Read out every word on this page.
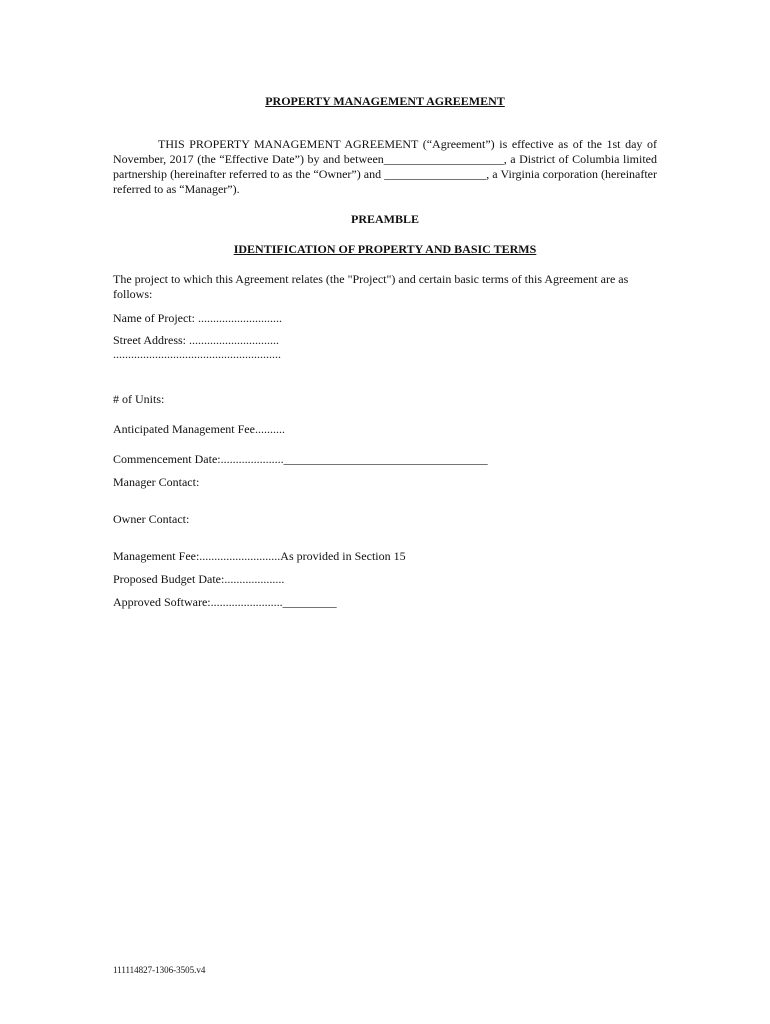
PROPERTY MANAGEMENT AGREEMENT
THIS PROPERTY MANAGEMENT AGREEMENT (“Agreement”) is effective as of the 1st day of November, 2017 (the “Effective Date”) by and between____________________, a District of Columbia limited partnership (hereinafter referred to as the “Owner”) and _________________, a Virginia corporation (hereinafter referred to as “Manager”).
PREAMBLE
IDENTIFICATION OF PROPERTY AND BASIC TERMS
The project to which this Agreement relates (the "Project") and certain basic terms of this Agreement are as follows:
Name of Project: ............................
Street Address: ..............................
........................................................
# of Units:
Anticipated Management Fee..........
Commencement Date:.....................__________________________________
Manager Contact:
Owner Contact:
Management Fee:...........................As provided in Section 15
Proposed Budget Date:....................
Approved Software:........................_________
111114827-1306-3505.v4
